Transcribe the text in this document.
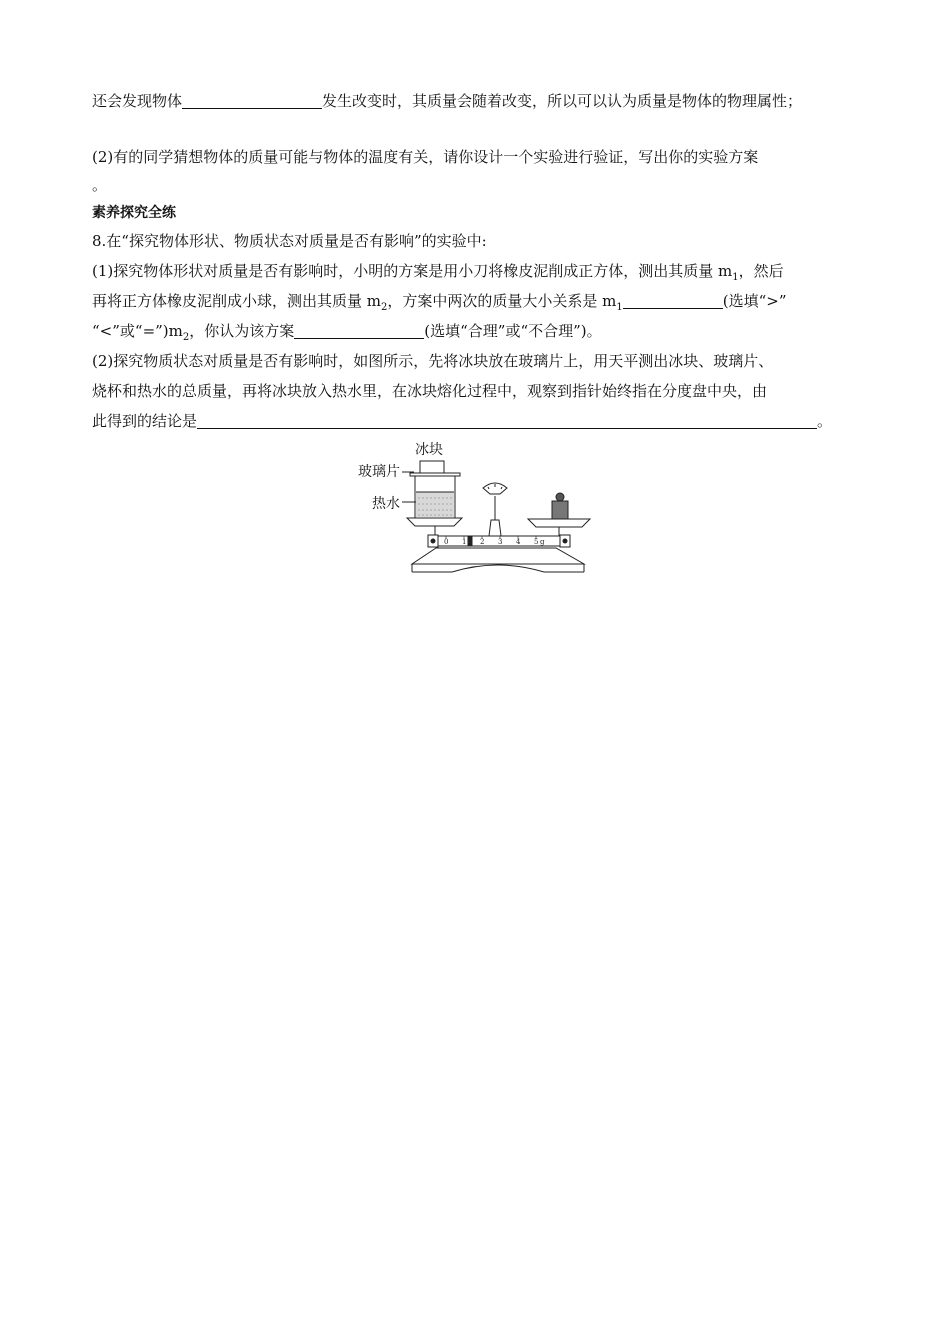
还会发现物体	发生改变时，其质量会随着改变，所以可以认为质量是物体的物理属性；
(2)有的同学猜想物体的质量可能与物体的温度有关，请你设计一个实验进行验证，写出你的实验方案
。
素养探究全练
8.在“探究物体形状、物质状态对质量是否有影响”的实验中:
(1)探究物体形状对质量是否有影响时，小明的方案是用小刀将橡皮泥削成正方体，测出其质量 $m_1$，然后
再将正方体橡皮泥削成小球，测出其质量 $m_2$，方案中两次的质量大小关系是 $m_1$	(选填“>”
“<”或“$=”)m_2$，你认为该方案	(选填“合理”或“不合理”)。
(2)探究物质状态对质量是否有影响时，如图所示，先将冰块放在玻璃片上，用天平测出冰块、玻璃片、
烧杯和热水的总质量，再将冰块放入热水里，在冰块熔化过程中，观察到指针始终指在分度盘中央，由
此得到的结论是	。
冰块
玻璃片
热水
0 1 2 3 4 5 g
